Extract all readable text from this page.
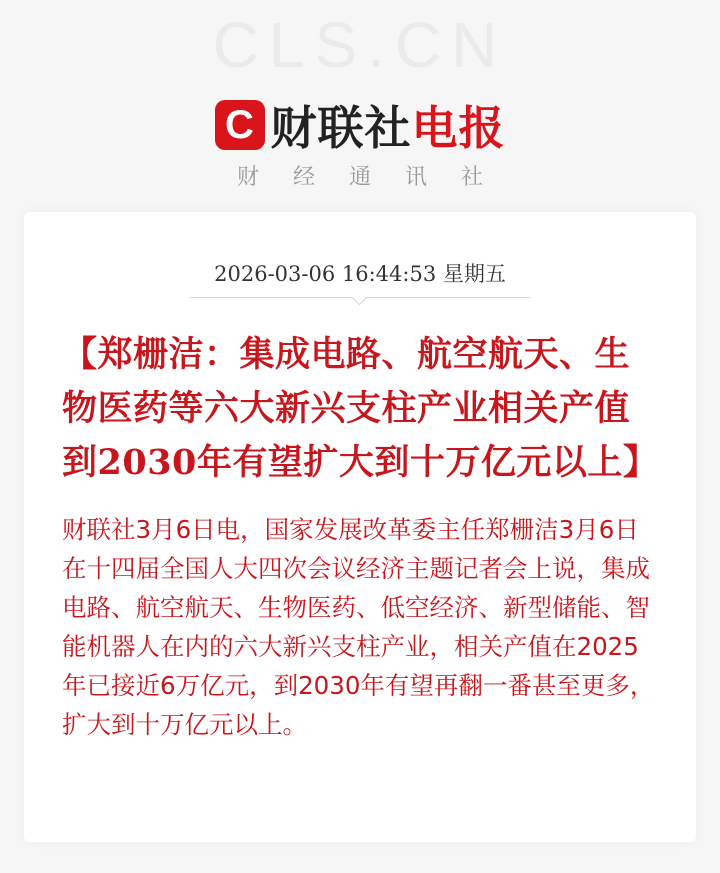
CLS.CN
C 财联社 电报
财经通讯社
2026-03-06 16:44:53 星期五
【郑栅洁：集成电路、航空航天、生物医药等六大新兴支柱产业相关产值到2030年有望扩大到十万亿元以上】
财联社3月6日电，国家发展改革委主任郑栅洁3月6日在十四届全国人大四次会议经济主题记者会上说，集成电路、航空航天、生物医药、低空经济、新型储能、智能机器人在内的六大新兴支柱产业，相关产值在2025年已接近6万亿元，到2030年有望再翻一番甚至更多，扩大到十万亿元以上。
